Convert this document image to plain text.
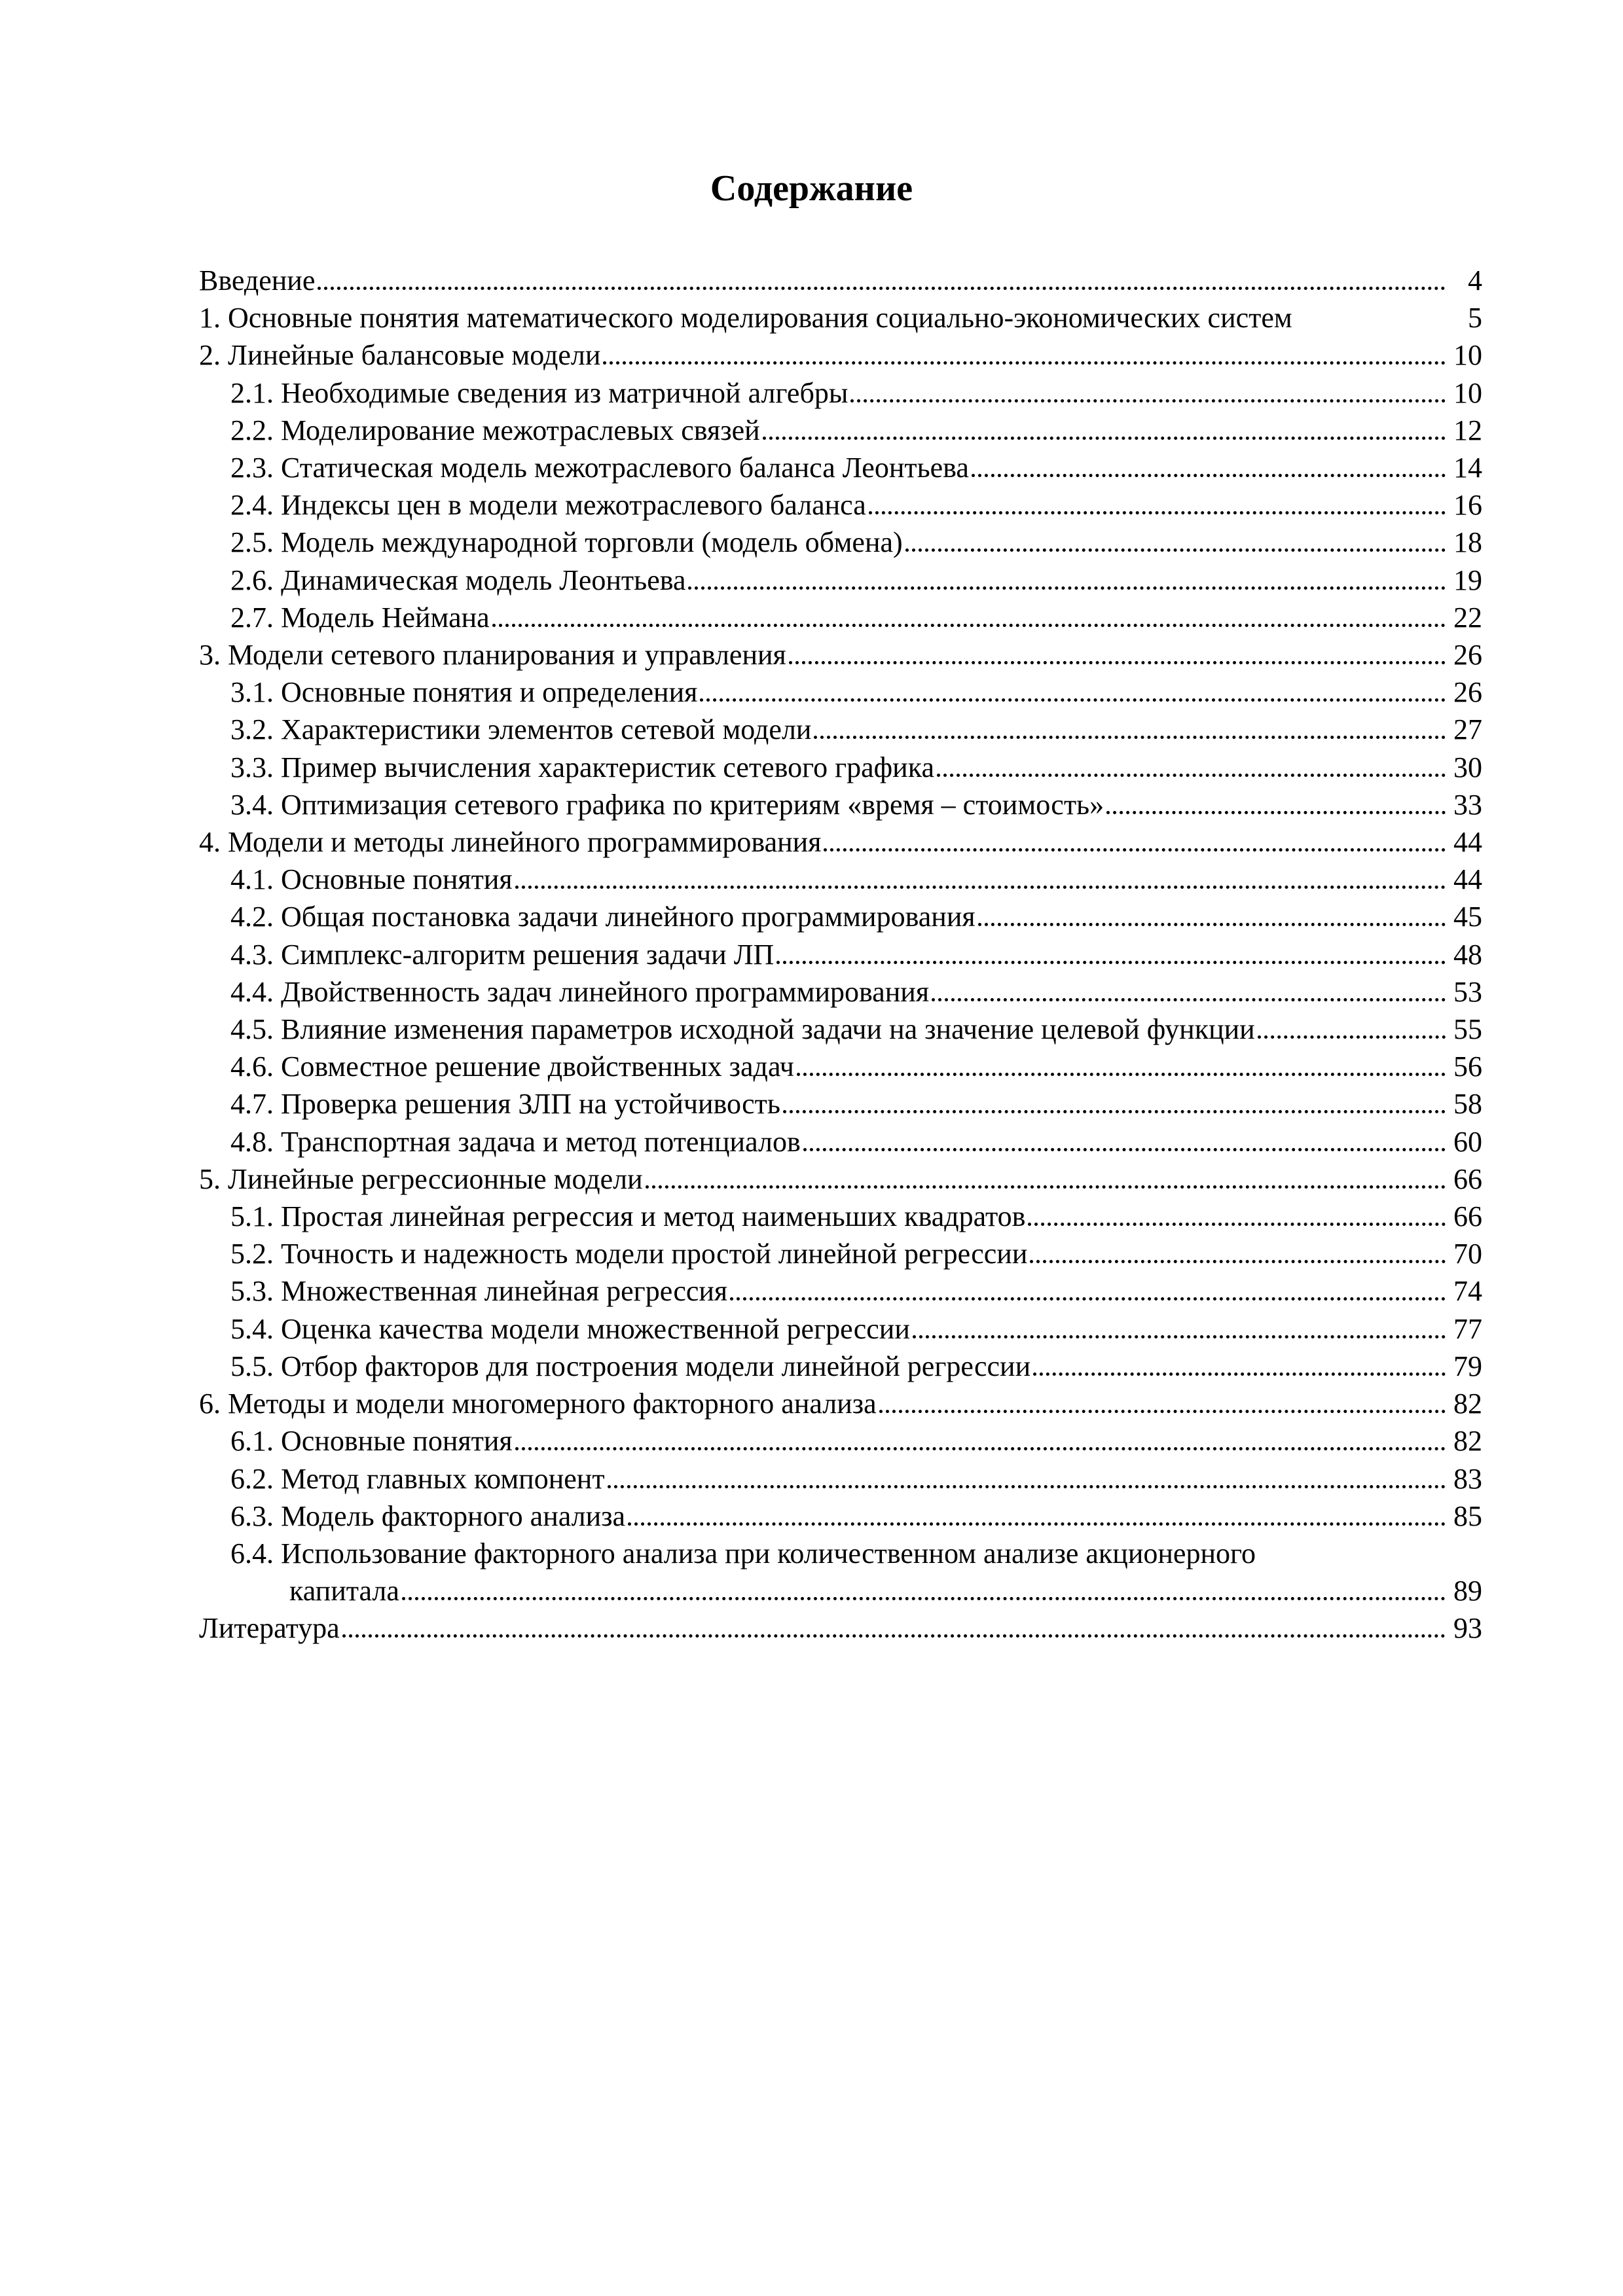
Содержание
Введение	4
1. Основные понятия математического моделирования социально-экономических систем	5
2. Линейные балансовые модели	10
2.1. Необходимые сведения из матричной алгебры	10
2.2. Моделирование межотраслевых связей	12
2.3. Статическая модель межотраслевого баланса Леонтьева	14
2.4. Индексы цен в модели межотраслевого баланса	16
2.5. Модель международной торговли (модель обмена)	18
2.6. Динамическая модель Леонтьева	19
2.7. Модель Неймана	22
3. Модели сетевого планирования и управления	26
3.1. Основные понятия и определения	26
3.2. Характеристики элементов сетевой модели	27
3.3. Пример вычисления характеристик сетевого графика	30
3.4. Оптимизация сетевого графика по критериям «время – стоимость»	33
4. Модели и методы линейного программирования	44
4.1. Основные понятия	44
4.2. Общая постановка задачи линейного программирования	45
4.3. Симплекс-алгоритм решения задачи ЛП	48
4.4. Двойственность задач линейного программирования	53
4.5. Влияние изменения параметров исходной задачи на значение целевой функции	55
4.6. Совместное решение двойственных задач	56
4.7. Проверка решения ЗЛП на устойчивость	58
4.8. Транспортная задача и метод потенциалов	60
5. Линейные регрессионные модели	66
5.1. Простая линейная регрессия и метод наименьших квадратов	66
5.2. Точность и надежность модели простой линейной регрессии	70
5.3. Множественная линейная регрессия	74
5.4. Оценка качества модели множественной регрессии	77
5.5. Отбор факторов для построения модели линейной регрессии	79
6. Методы и модели многомерного факторного анализа	82
6.1. Основные понятия	82
6.2. Метод главных компонент	83
6.3. Модель факторного анализа	85
6.4. Использование факторного анализа при количественном анализе акционерного
капитала	89
Литература	93
